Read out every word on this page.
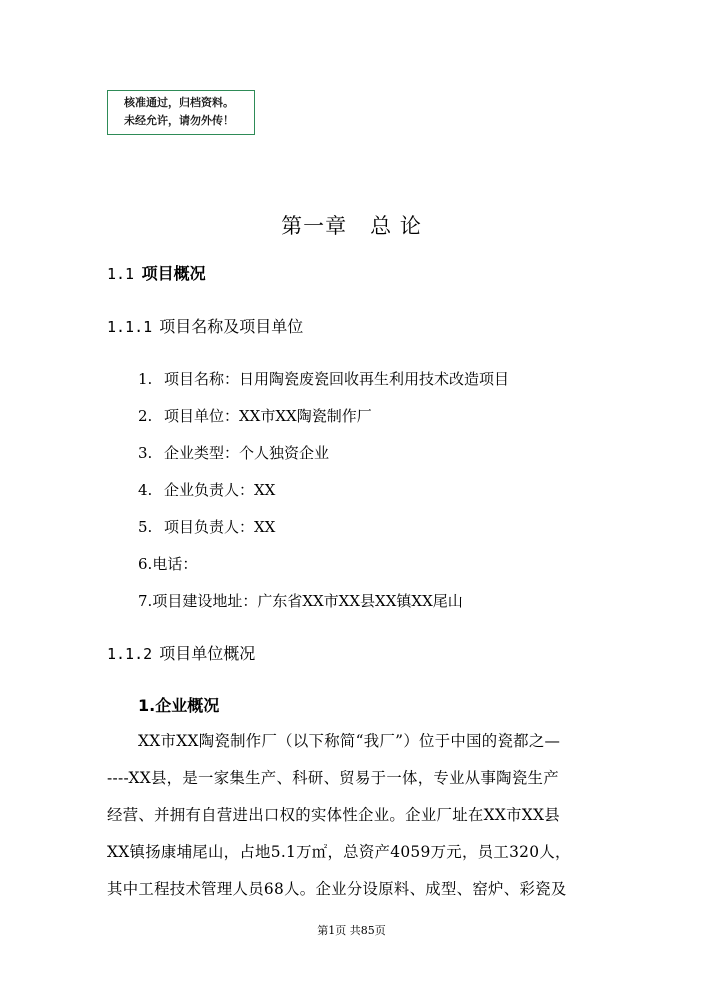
核准通过，归档资料。
未经允许，请勿外传！
第一章   总 论
1.1 项目概况
1.1.1 项目名称及项目单位
1. 项目名称：日用陶瓷废瓷回收再生利用技术改造项目
2. 项目单位：XX市XX陶瓷制作厂
3. 企业类型：个人独资企业
4. 企业负责人：XX
5. 项目负责人：XX
6.电话：
7.项目建设地址：广东省XX市XX县XX镇XX尾山
1.1.2 项目单位概况
1.企业概况
XX市XX陶瓷制作厂（以下称简“我厂”）位于中国的瓷都之—
----XX县，是一家集生产、科研、贸易于一体，专业从事陶瓷生产
经营、并拥有自营进出口权的实体性企业。企业厂址在XX市XX县
XX镇扬康埔尾山，占地5.1万㎡，总资产4059万元，员工320人，
其中工程技术管理人员68人。企业分设原料、成型、窑炉、彩瓷及
第1页 共85页
